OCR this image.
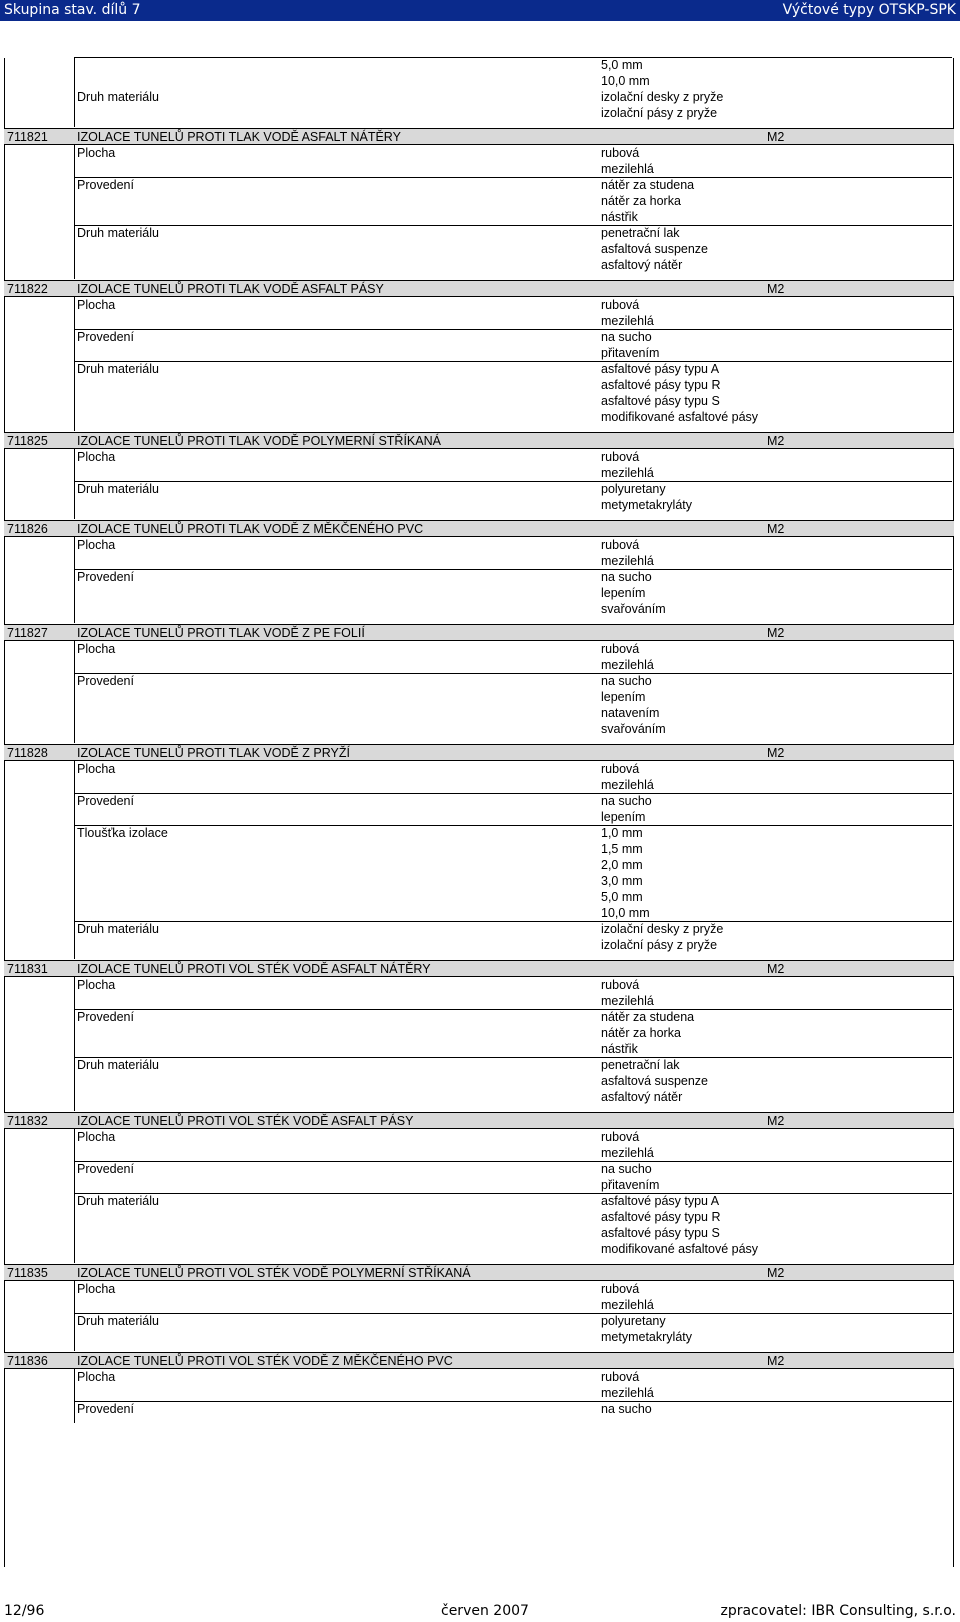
Skupina stav. dílů 7	Výčtové typy OTSKP-SPK
5,0 mm
10,0 mm
Druh materiálu	izolační desky z pryže
izolační pásy z pryže
711821 IZOLACE TUNELŮ PROTI TLAK VODĚ ASFALT NÁTĚRY	M2
Plocha	rubová
mezilehlá
Provedení	nátěr za studena
nátěr za horka
nástřik
Druh materiálu	penetrační lak
asfaltová suspenze
asfaltový nátěr
711822 IZOLACE TUNELŮ PROTI TLAK VODĚ ASFALT PÁSY	M2
Plocha	rubová
mezilehlá
Provedení	na sucho
přitavením
Druh materiálu	asfaltové pásy typu A
asfaltové pásy typu R
asfaltové pásy typu S
modifikované asfaltové pásy
711825 IZOLACE TUNELŮ PROTI TLAK VODĚ POLYMERNÍ STŘÍKANÁ	M2
Plocha	rubová
mezilehlá
Druh materiálu	polyuretany
metymetakryláty
711826 IZOLACE TUNELŮ PROTI TLAK VODĚ Z MĚKČENÉHO PVC	M2
Plocha	rubová
mezilehlá
Provedení	na sucho
lepením
svařováním
711827 IZOLACE TUNELŮ PROTI TLAK VODĚ Z PE FOLIÍ	M2
Plocha	rubová
mezilehlá
Provedení	na sucho
lepením
natavením
svařováním
711828 IZOLACE TUNELŮ PROTI TLAK VODĚ Z PRYŽÍ	M2
Plocha	rubová
mezilehlá
Provedení	na sucho
lepením
Tloušťka izolace	1,0 mm
1,5 mm
2,0 mm
3,0 mm
5,0 mm
10,0 mm
Druh materiálu	izolační desky z pryže
izolační pásy z pryže
711831 IZOLACE TUNELŮ PROTI VOL STÉK VODĚ ASFALT NÁTĚRY	M2
Plocha	rubová
mezilehlá
Provedení	nátěr za studena
nátěr za horka
nástřik
Druh materiálu	penetrační lak
asfaltová suspenze
asfaltový nátěr
711832 IZOLACE TUNELŮ PROTI VOL STÉK VODĚ ASFALT PÁSY	M2
Plocha	rubová
mezilehlá
Provedení	na sucho
přitavením
Druh materiálu	asfaltové pásy typu A
asfaltové pásy typu R
asfaltové pásy typu S
modifikované asfaltové pásy
711835 IZOLACE TUNELŮ PROTI VOL STÉK VODĚ POLYMERNÍ STŘÍKANÁ	M2
Plocha	rubová
mezilehlá
Druh materiálu	polyuretany
metymetakryláty
711836 IZOLACE TUNELŮ PROTI VOL STÉK VODĚ Z MĚKČENÉHO PVC	M2
Plocha	rubová
mezilehlá
Provedení	na sucho
12/96	červen 2007	zpracovatel: IBR Consulting, s.r.o.
